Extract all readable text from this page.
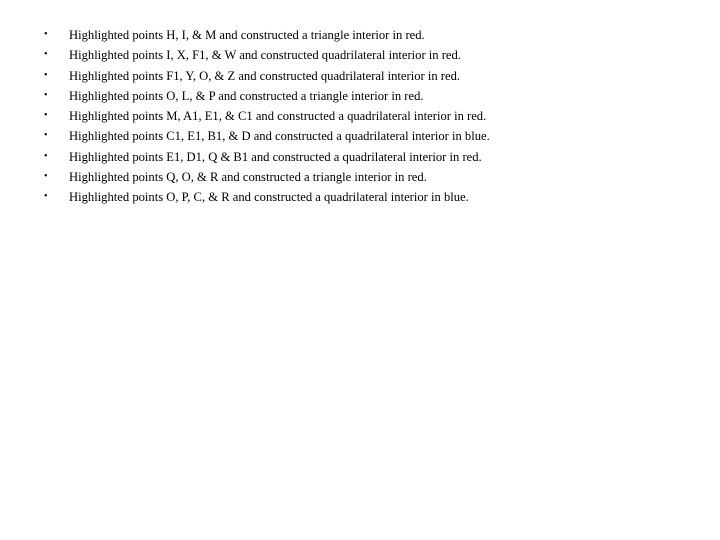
•	Highlighted points H, I, & M and constructed a triangle interior in red.
•	Highlighted points I, X, F1, & W and constructed quadrilateral interior in red.
•	Highlighted points F1, Y, O, & Z and constructed quadrilateral interior in red.
•	Highlighted points O, L, & P and constructed a triangle interior in red.
•	Highlighted points M, A1, E1, & C1 and constructed a quadrilateral interior in red.
•	Highlighted points C1, E1, B1, & D and constructed a quadrilateral interior in blue.
•	Highlighted points E1, D1, Q & B1 and constructed a quadrilateral interior in red.
•	Highlighted points Q, O, & R and constructed a triangle interior in red.
•	Highlighted points O, P, C, & R and constructed a quadrilateral interior in blue.
